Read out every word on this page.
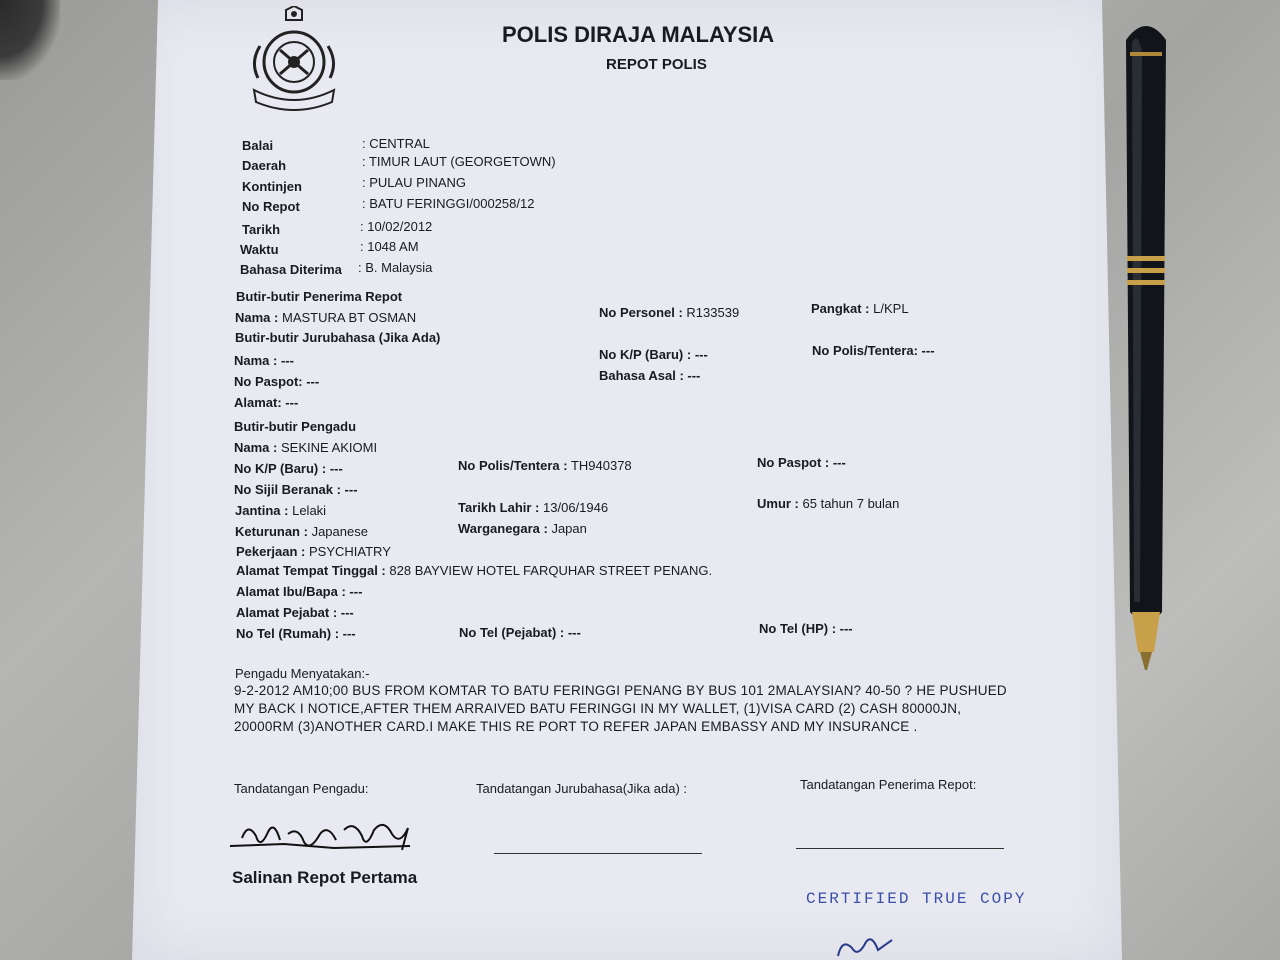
POLIS DIRAJA MALAYSIA
REPOT POLIS
Balai	: CENTRAL
Daerah	: TIMUR LAUT (GEORGETOWN)
Kontinjen	: PULAU PINANG
No Repot	: BATU FERINGGI/000258/12
Tarikh	: 10/02/2012
Waktu	: 1048 AM
Bahasa Diterima : B. Malaysia
Butir-butir Penerima Repot
Nama : MASTURA BT OSMAN	No Personel : R133539	Pangkat : L/KPL
Butir-butir Jurubahasa (Jika Ada)
Nama : ---	No K/P (Baru) : ---	No Polis/Tentera: ---
No Paspot: ---	Bahasa Asal : ---
Alamat: ---
Butir-butir Pengadu
Nama : SEKINE AKIOMI
No K/P (Baru) : ---	No Polis/Tentera : TH940378	No Paspot : ---
No Sijil Beranak : ---
Jantina : Lelaki	Tarikh Lahir : 13/06/1946	Umur : 65 tahun 7 bulan
Keturunan : Japanese	Warganegara : Japan
Pekerjaan : PSYCHIATRY
Alamat Tempat Tinggal : 828 BAYVIEW HOTEL FARQUHAR STREET PENANG.
Alamat Ibu/Bapa : ---
Alamat Pejabat : ---
No Tel (Rumah) : ---	No Tel (Pejabat) : ---	No Tel (HP) : ---
Pengadu Menyatakan:-
9-2-2012 AM10;00 BUS FROM KOMTAR TO BATU FERINGGI PENANG BY BUS 101 2MALAYSIAN? 40-50 ? HE PUSHUED MY BACK I NOTICE,AFTER THEM ARRAIVED BATU FERINGGI IN MY WALLET, (1)VISA CARD (2) CASH 80000JN, 20000RM (3)ANOTHER CARD.I MAKE THIS RE PORT TO REFER JAPAN EMBASSY AND MY INSURANCE .
Tandatangan Pengadu:	Tandatangan Jurubahasa(Jika ada) :	Tandatangan Penerima Repot:
Salinan Repot Pertama
CERTIFIED TRUE COPY
